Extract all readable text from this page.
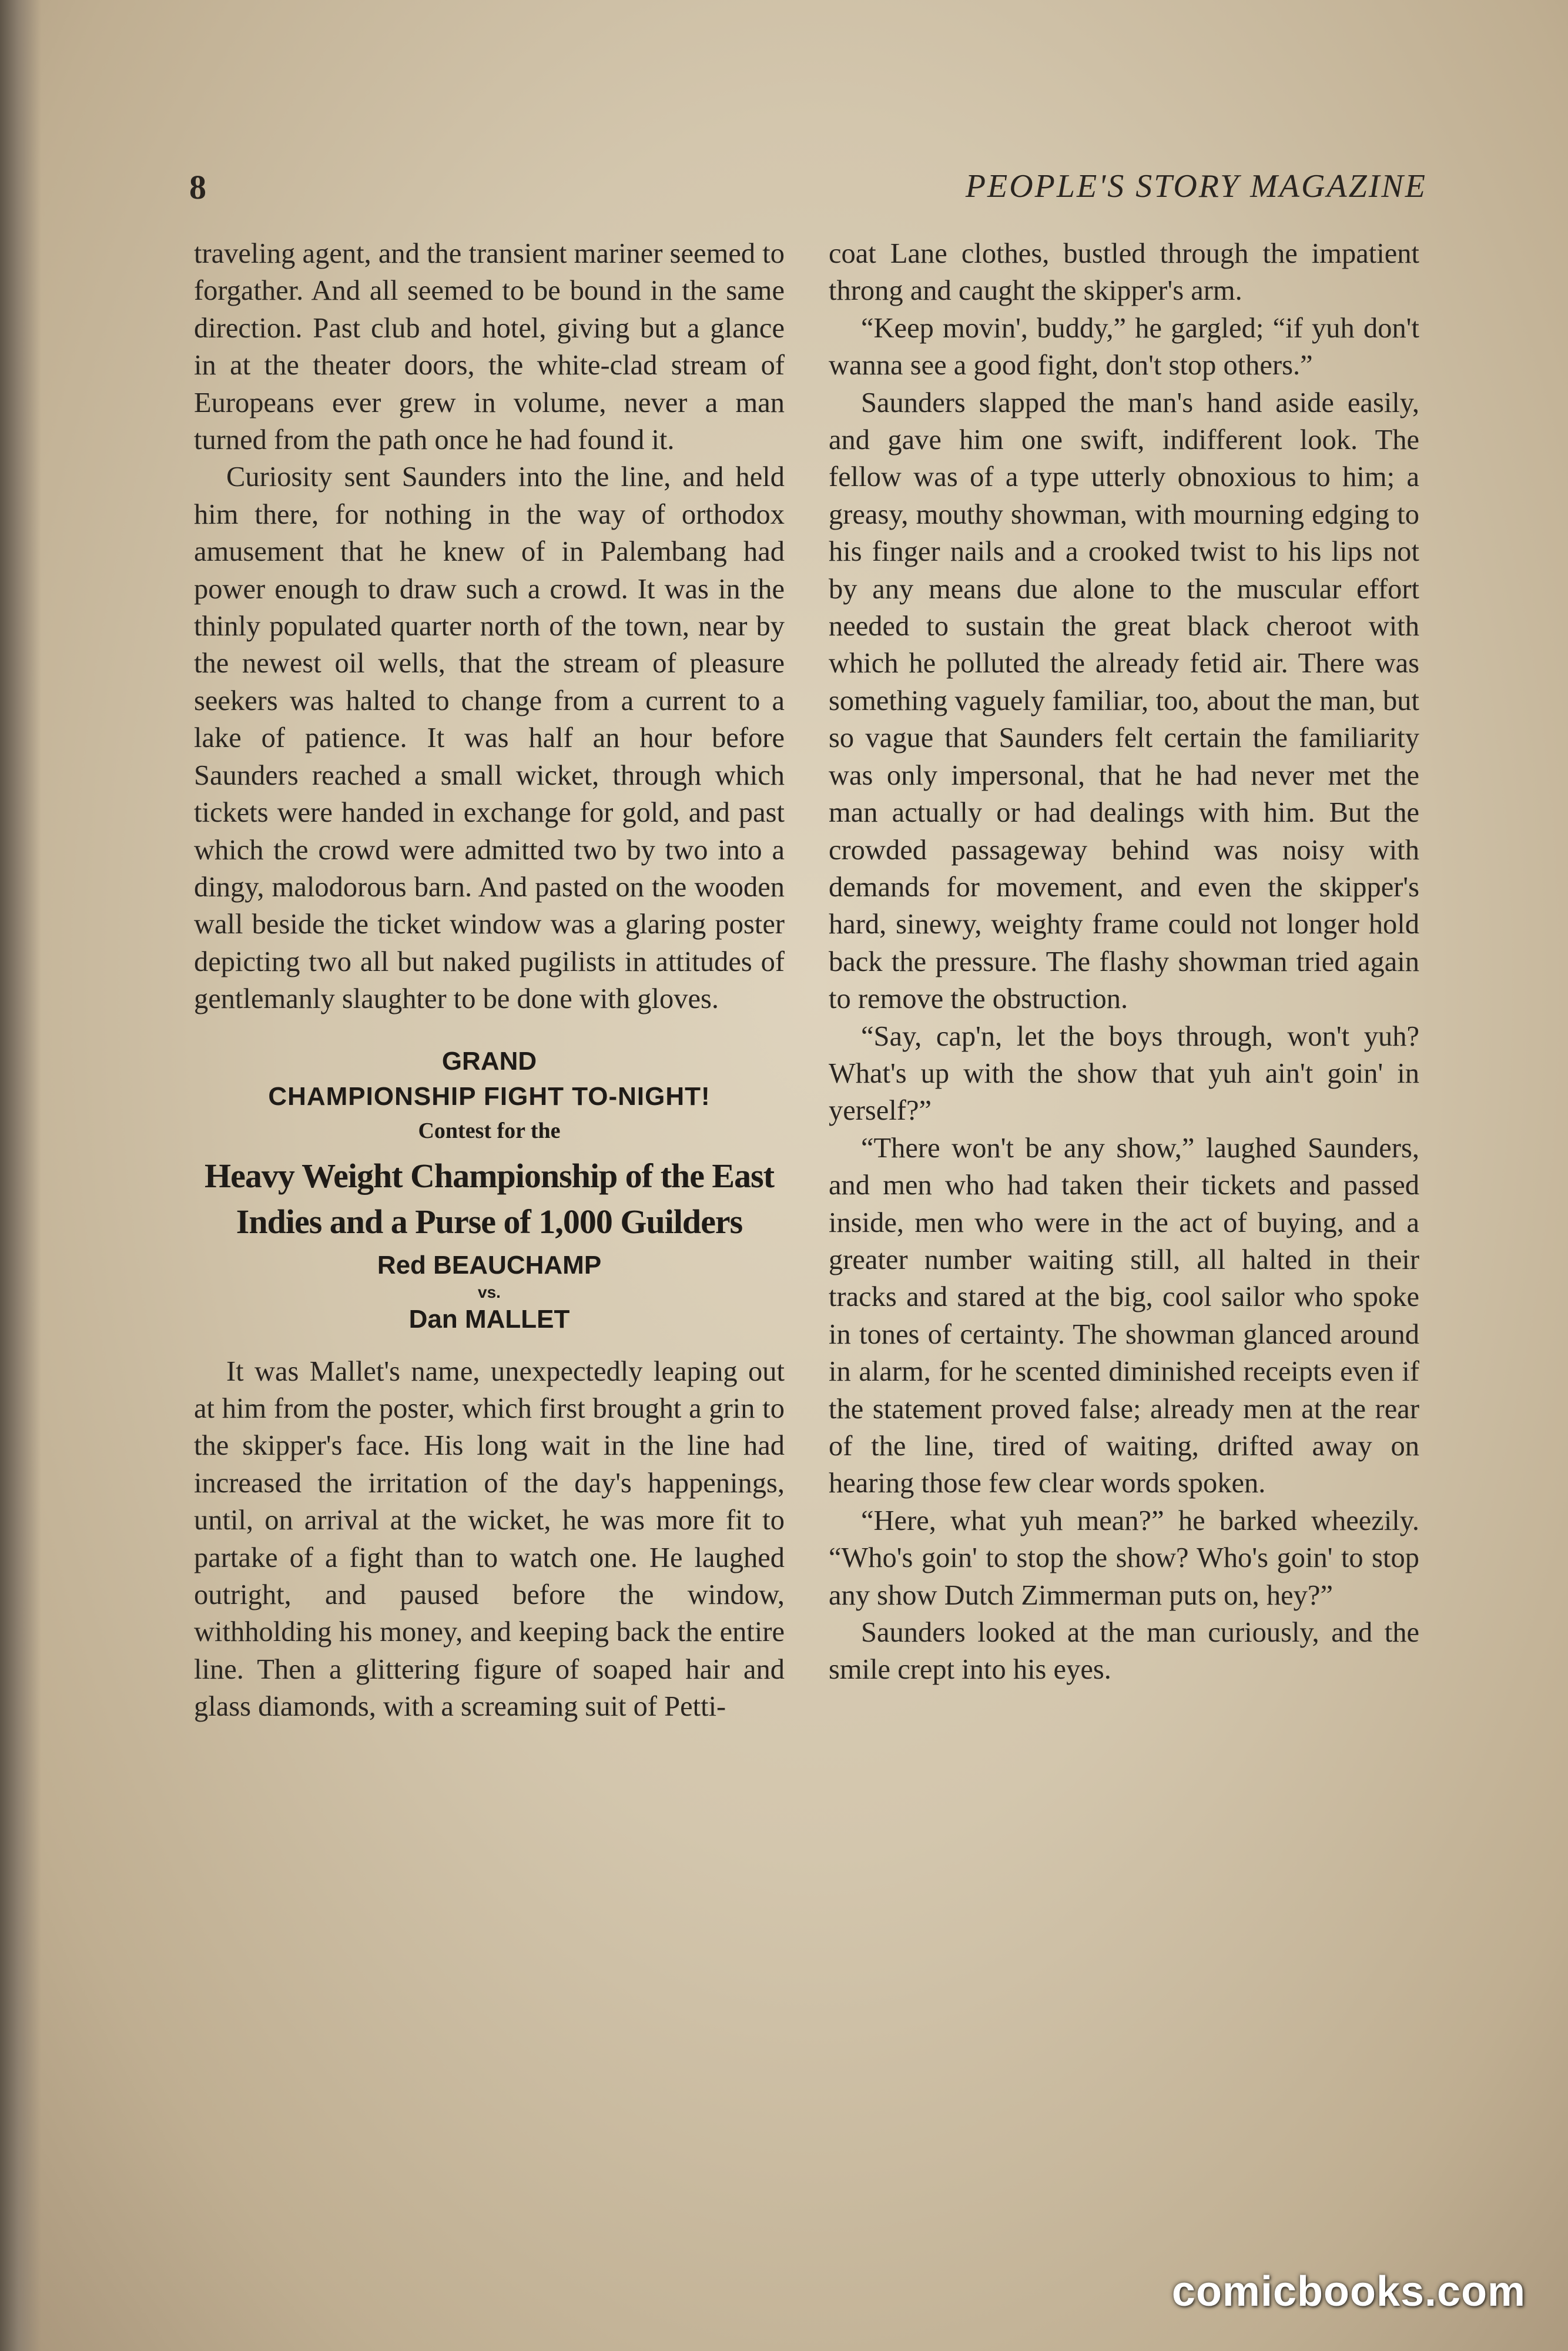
8	PEOPLE'S STORY MAGAZINE

traveling agent, and the transient mariner seemed to forgather. And all seemed to be bound in the same direction. Past club and hotel, giving but a glance in at the theater doors, the white-clad stream of Europeans ever grew in volume, never a man turned from the path once he had found it.

Curiosity sent Saunders into the line, and held him there, for nothing in the way of orthodox amusement that he knew of in Palembang had power enough to draw such a crowd. It was in the thinly populated quarter north of the town, near by the newest oil wells, that the stream of pleasure seekers was halted to change from a current to a lake of patience. It was half an hour before Saunders reached a small wicket, through which tickets were handed in exchange for gold, and past which the crowd were admitted two by two into a dingy, malodorous barn. And pasted on the wooden wall beside the ticket window was a glaring poster depicting two all but naked pugilists in attitudes of gentlemanly slaughter to be done with gloves.

GRAND
CHAMPIONSHIP FIGHT TO-NIGHT!
Contest for the
Heavy Weight Championship of the East Indies and a Purse of 1,000 Guilders
Red BEAUCHAMP
vs.
Dan MALLET

It was Mallet's name, unexpectedly leaping out at him from the poster, which first brought a grin to the skipper's face. His long wait in the line had increased the irritation of the day's happenings, until, on arrival at the wicket, he was more fit to partake of a fight than to watch one. He laughed outright, and paused before the window, withholding his money, and keeping back the entire line. Then a glittering figure of soaped hair and glass diamonds, with a screaming suit of Petti-

coat Lane clothes, bustled through the impatient throng and caught the skipper's arm.

“Keep movin', buddy,” he gargled; “if yuh don't wanna see a good fight, don't stop others.”

Saunders slapped the man's hand aside easily, and gave him one swift, indifferent look. The fellow was of a type utterly obnoxious to him; a greasy, mouthy showman, with mourning edging to his finger nails and a crooked twist to his lips not by any means due alone to the muscular effort needed to sustain the great black cheroot with which he polluted the already fetid air. There was something vaguely familiar, too, about the man, but so vague that Saunders felt certain the familiarity was only impersonal, that he had never met the man actually or had dealings with him. But the crowded passageway behind was noisy with demands for movement, and even the skipper's hard, sinewy, weighty frame could not longer hold back the pressure. The flashy showman tried again to remove the obstruction.

“Say, cap'n, let the boys through, won't yuh? What's up with the show that yuh ain't goin' in yerself?”

“There won't be any show,” laughed Saunders, and men who had taken their tickets and passed inside, men who were in the act of buying, and a greater number waiting still, all halted in their tracks and stared at the big, cool sailor who spoke in tones of certainty. The showman glanced around in alarm, for he scented diminished receipts even if the statement proved false; already men at the rear of the line, tired of waiting, drifted away on hearing those few clear words spoken.

“Here, what yuh mean?” he barked wheezily. “Who's goin' to stop the show? Who's goin' to stop any show Dutch Zimmerman puts on, hey?”

Saunders looked at the man curiously, and the smile crept into his eyes.

comicbooks.com
